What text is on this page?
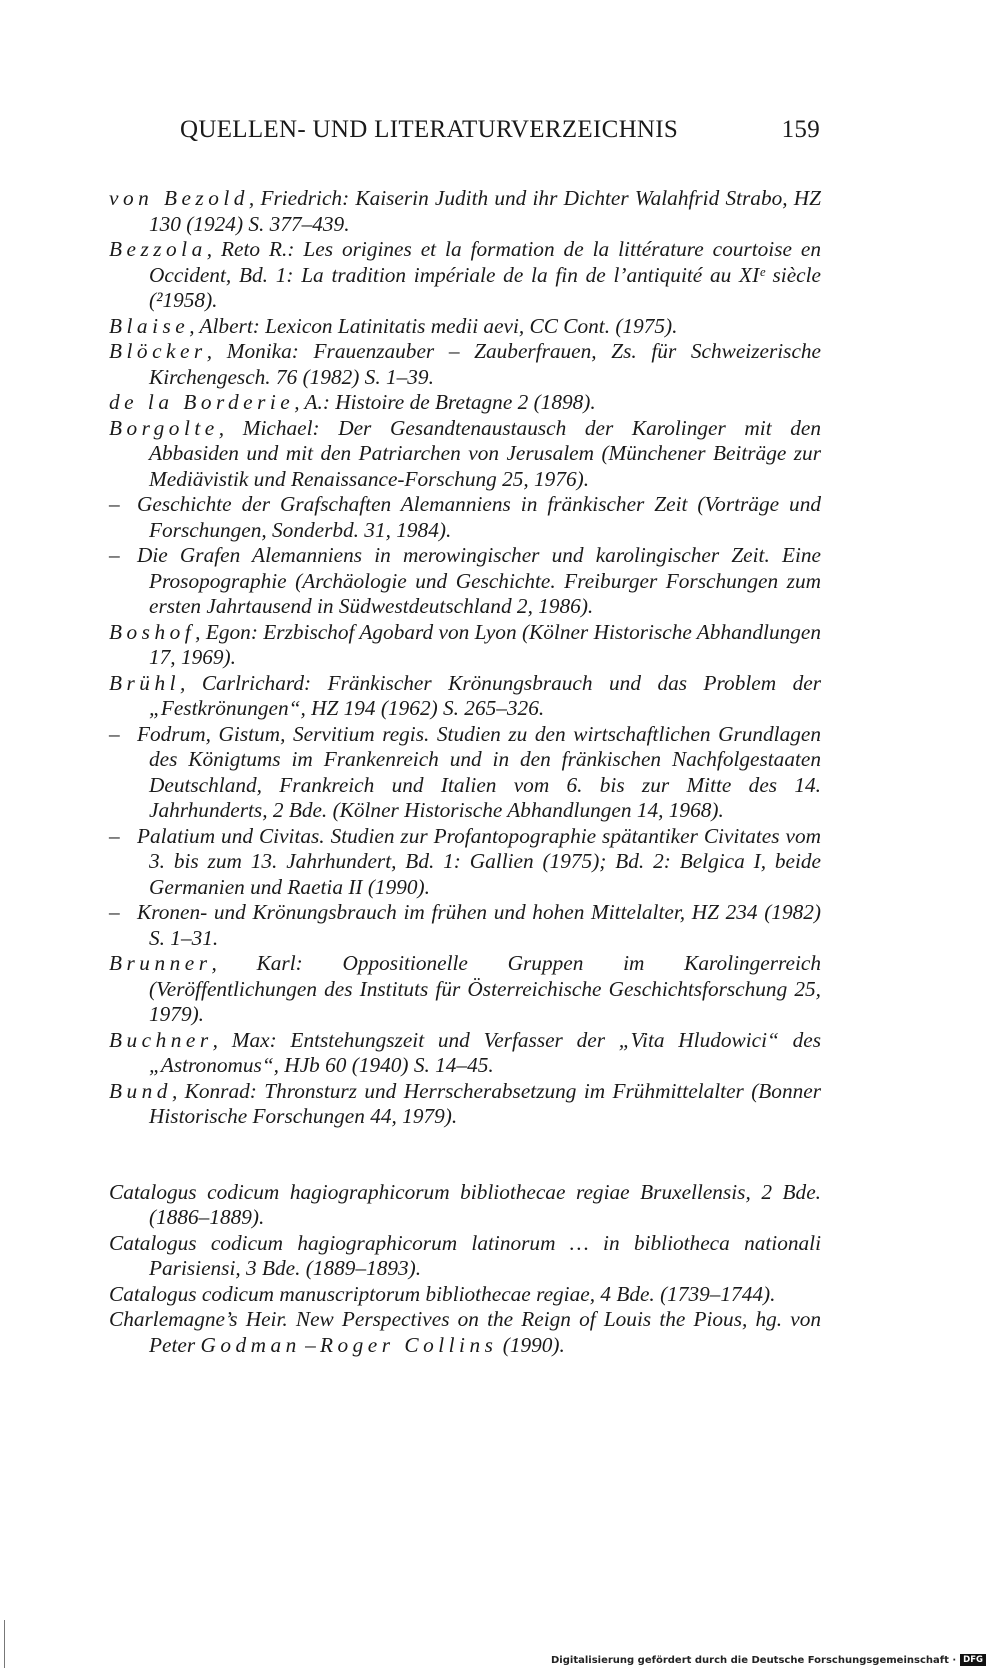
QUELLEN- UND LITERATURVERZEICHNIS	159
von Bezold, Friedrich: Kaiserin Judith und ihr Dichter Walahfrid Strabo, HZ 130 (1924) S. 377–439.
Bezzola, Reto R.: Les origines et la formation de la littérature courtoise en Occident, Bd. 1: La tradition impériale de la fin de l’antiquité au XIᵉ siècle (²1958).
Blaise, Albert: Lexicon Latinitatis medii aevi, CC Cont. (1975).
Blöcker, Monika: Frauenzauber – Zauberfrauen, Zs. für Schweizerische Kirchengesch. 76 (1982) S. 1–39.
de la Borderie, A.: Histoire de Bretagne 2 (1898).
Borgolte, Michael: Der Gesandtenaustausch der Karolinger mit den Abbasiden und mit den Patriarchen von Jerusalem (Münchener Beiträge zur Mediävistik und Renaissance-Forschung 25, 1976).
– Geschichte der Grafschaften Alemanniens in fränkischer Zeit (Vorträge und Forschungen, Sonderbd. 31, 1984).
– Die Grafen Alemanniens in merowingischer und karolingischer Zeit. Eine Prosopographie (Archäologie und Geschichte. Freiburger Forschungen zum ersten Jahrtausend in Südwestdeutschland 2, 1986).
Boshof, Egon: Erzbischof Agobard von Lyon (Kölner Historische Abhandlungen 17, 1969).
Brühl, Carlrichard: Fränkischer Krönungsbrauch und das Problem der „Festkrönungen“, HZ 194 (1962) S. 265–326.
– Fodrum, Gistum, Servitium regis. Studien zu den wirtschaftlichen Grundlagen des Königtums im Frankenreich und in den fränkischen Nachfolgestaaten Deutschland, Frankreich und Italien vom 6. bis zur Mitte des 14. Jahrhunderts, 2 Bde. (Kölner Historische Abhandlungen 14, 1968).
– Palatium und Civitas. Studien zur Profantopographie spätantiker Civitates vom 3. bis zum 13. Jahrhundert, Bd. 1: Gallien (1975); Bd. 2: Belgica I, beide Germanien und Raetia II (1990).
– Kronen- und Krönungsbrauch im frühen und hohen Mittelalter, HZ 234 (1982) S. 1–31.
Brunner, Karl: Oppositionelle Gruppen im Karolingerreich (Veröffentlichungen des Instituts für Österreichische Geschichtsforschung 25, 1979).
Buchner, Max: Entstehungszeit und Verfasser der „Vita Hludowici“ des „Astronomus“, HJb 60 (1940) S. 14–45.
Bund, Konrad: Thronsturz und Herrscherabsetzung im Frühmittelalter (Bonner Historische Forschungen 44, 1979).
Catalogus codicum hagiographicorum bibliothecae regiae Bruxellensis, 2 Bde. (1886–1889).
Catalogus codicum hagiographicorum latinorum … in bibliotheca nationali Parisiensi, 3 Bde. (1889–1893).
Catalogus codicum manuscriptorum bibliothecae regiae, 4 Bde. (1739–1744).
Charlemagne’s Heir. New Perspectives on the Reign of Louis the Pious, hg. von Peter Godman – Roger Collins (1990).
Digitalisierung gefördert durch die Deutsche Forschungsgemeinschaft · DFG
